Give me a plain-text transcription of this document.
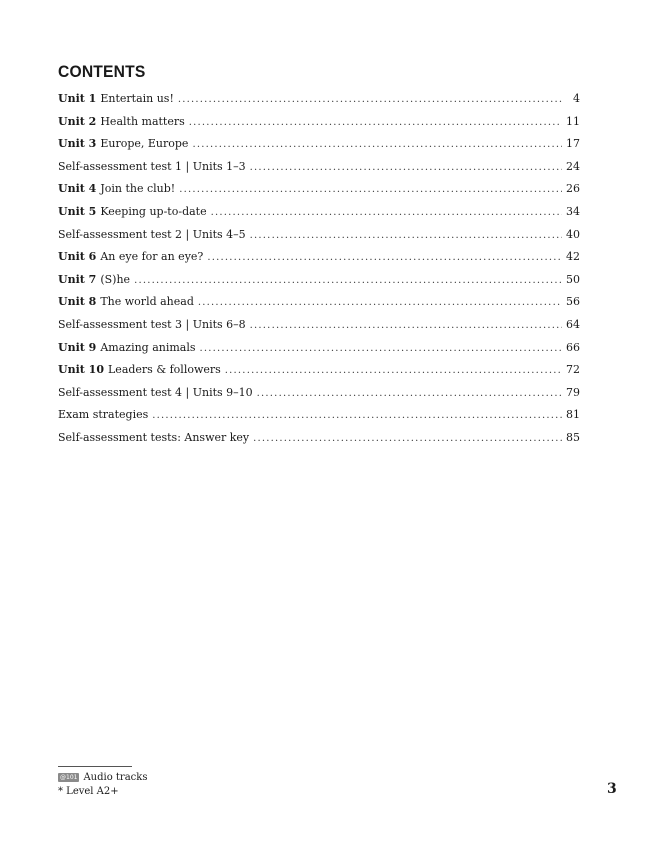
CONTENTS
Unit 1 Entertain us! .....	4
Unit 2 Health matters .....	11
Unit 3 Europe, Europe .....	17
Self-assessment test 1 | Units 1–3 .....	24
Unit 4 Join the club! .....	26
Unit 5 Keeping up-to-date .....	34
Self-assessment test 2 | Units 4–5 .....	40
Unit 6 An eye for an eye? .....	42
Unit 7 (S)he .....	50
Unit 8 The world ahead .....	56
Self-assessment test 3 | Units 6–8 .....	64
Unit 9 Amazing animals .....	66
Unit 10 Leaders & followers .....	72
Self-assessment test 4 | Units 9–10 .....	79
Exam strategies .....	81
Self-assessment tests: Answer key .....	85
@101 Audio tracks
* Level A2+	3
